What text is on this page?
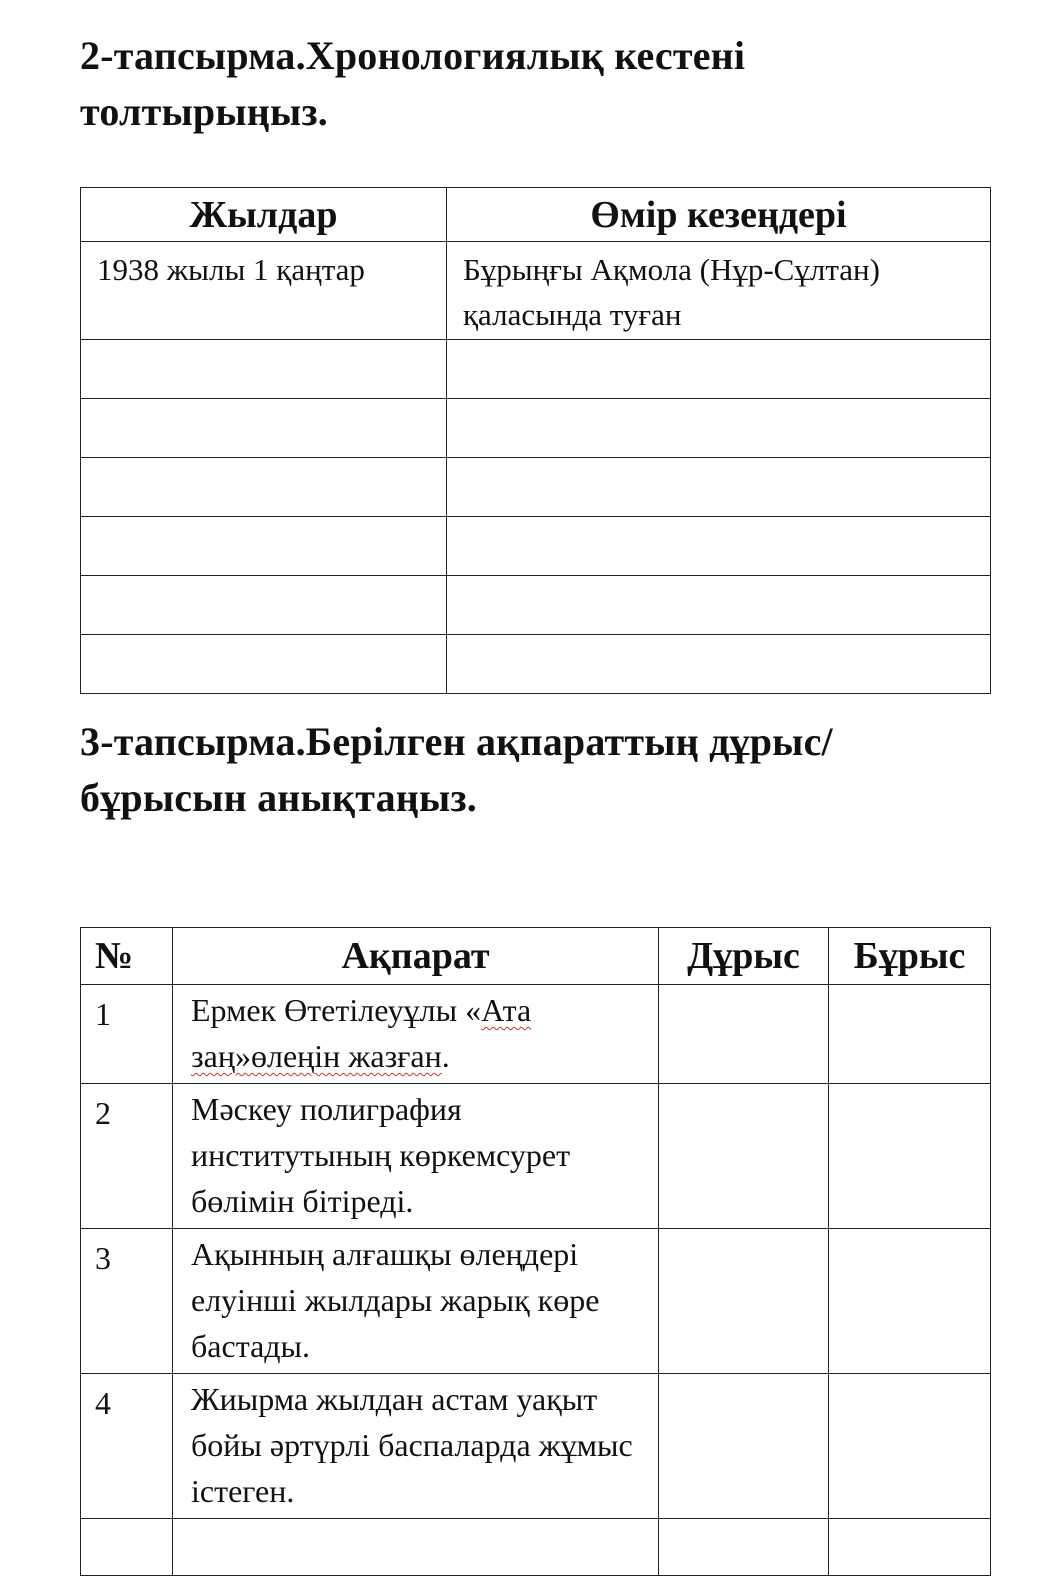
2-тапсырма.Хронологиялық кестені толтырыңыз.
Жылдар	Өмір кезеңдері
1938 жылы 1 қаңтар	Бұрыңғы Ақмола (Нұр-Сұлтан) қаласында туған

3-тапсырма.Берілген ақпараттың дұрыс/бұрысын анықтаңыз.
№	Ақпарат	Дұрыс	Бұрыс
1	Ермек Өтетілеуұлы «Ата заң»өлеңін жазған.		
2	Мәскеу полиграфия институтының көркемсурет бөлімін бітіреді.		
3	Ақынның алғашқы өлеңдері елуінші жылдары жарық көре бастады.		
4	Жиырма жылдан астам уақыт бойы әртүрлі баспаларда жұмыс істеген.		
